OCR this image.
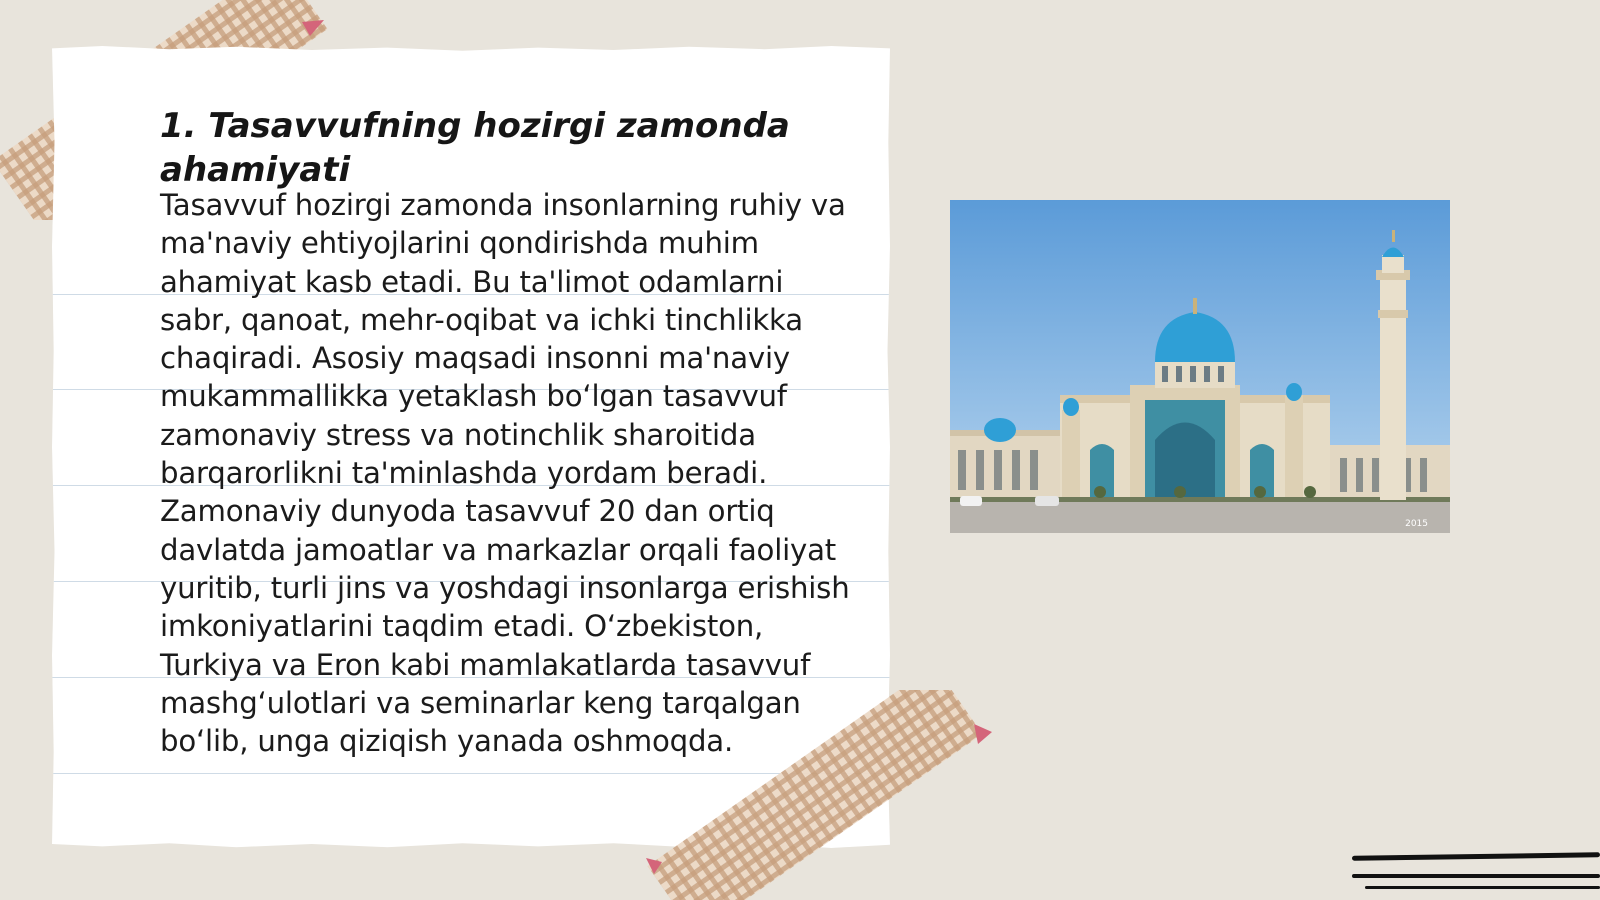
1. Tasavvufning hozirgi zamonda ahamiyati

Tasavvuf hozirgi zamonda insonlarning ruhiy va ma'naviy ehtiyojlarini qondirishda muhim ahamiyat kasb etadi. Bu ta'limot odamlarni sabr, qanoat, mehr-oqibat va ichki tinchlikka chaqiradi. Asosiy maqsadi insonni ma'naviy mukammallikka yetaklash bo‘lgan tasavvuf zamonaviy stress va notinchlik sharoitida barqarorlikni ta'minlashda yordam beradi. Zamonaviy dunyoda tasavvuf 20 dan ortiq davlatda jamoatlar va markazlar orqali faoliyat yuritib, turli jins va yoshdagi insonlarga erishish imkoniyatlarini taqdim etadi. O‘zbekiston, Turkiya va Eron kabi mamlakatlarda tasavvuf mashg‘ulotlari va seminarlar keng tarqalgan bo‘lib, unga qiziqish yanada oshmoqda.

2015
